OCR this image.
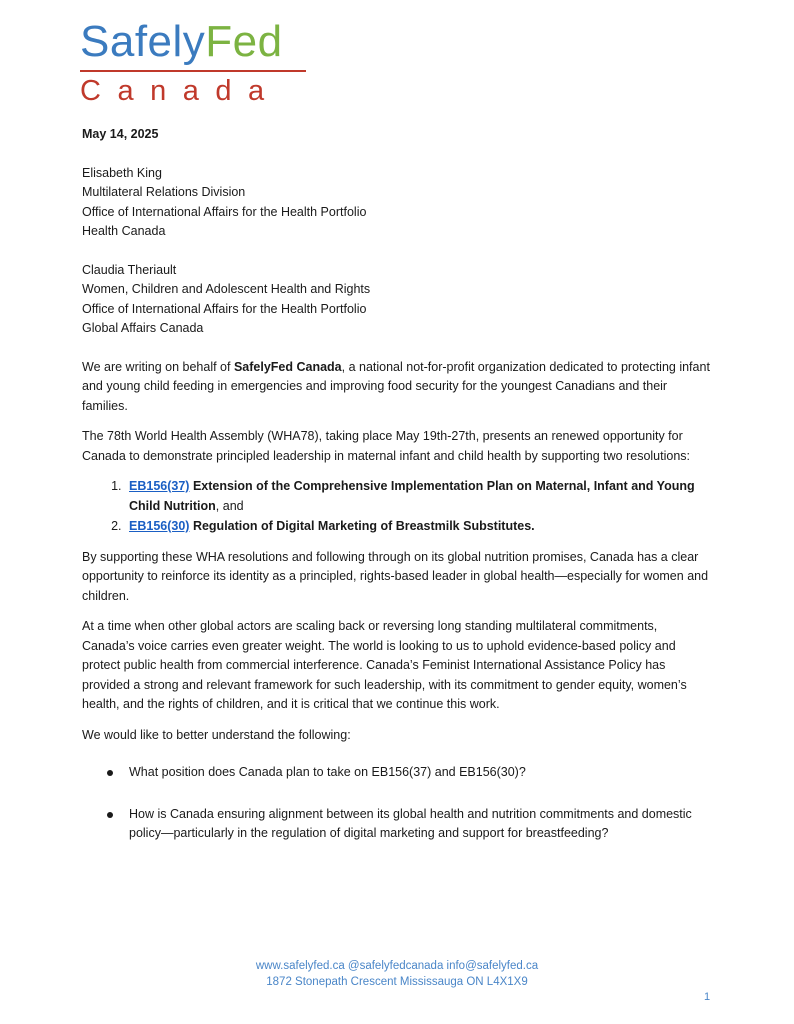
SafelyFed
Canada
May 14, 2025
Elisabeth King
Multilateral Relations Division
Office of International Affairs for the Health Portfolio
Health Canada
Claudia Theriault
Women, Children and Adolescent Health and Rights
Office of International Affairs for the Health Portfolio
Global Affairs Canada

We are writing on behalf of SafelyFed Canada, a national not-for-profit organization dedicated to protecting infant and young child feeding in emergencies and improving food security for the youngest Canadians and their families.

The 78th World Health Assembly (WHA78), taking place May 19th-27th, presents an renewed opportunity for Canada to demonstrate principled leadership in maternal infant and child health by supporting two resolutions:

1. EB156(37) Extension of the Comprehensive Implementation Plan on Maternal, Infant and Young Child Nutrition, and
2. EB156(30) Regulation of Digital Marketing of Breastmilk Substitutes.

By supporting these WHA resolutions and following through on its global nutrition promises, Canada has a clear opportunity to reinforce its identity as a principled, rights-based leader in global health—especially for women and children.

At a time when other global actors are scaling back or reversing long standing multilateral commitments, Canada’s voice carries even greater weight. The world is looking to us to uphold evidence-based policy and protect public health from commercial interference. Canada’s Feminist International Assistance Policy has provided a strong and relevant framework for such leadership, with its commitment to gender equity, women’s health, and the rights of children, and it is critical that we continue this work.

We would like to better understand the following:

What position does Canada plan to take on EB156(37) and EB156(30)?
How is Canada ensuring alignment between its global health and nutrition commitments and domestic policy—particularly in the regulation of digital marketing and support for breastfeeding?
www.safelyfed.ca @safelyfedcanada info@safelyfed.ca
1872 Stonepath Crescent Mississauga ON L4X1X9
1
